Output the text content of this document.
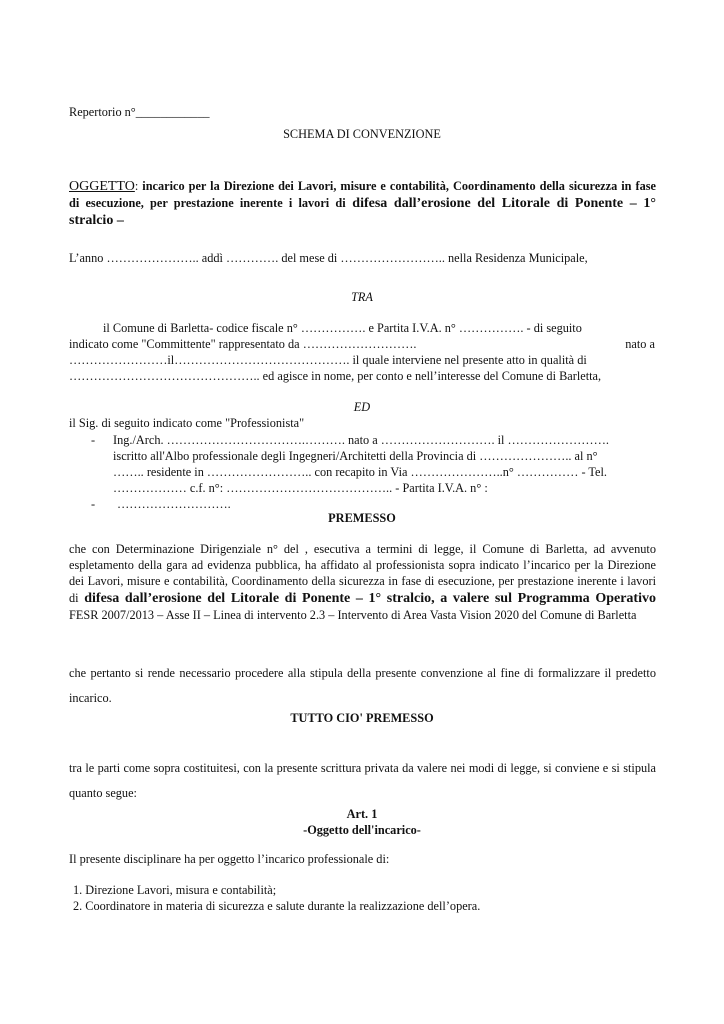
Repertorio n°____________
SCHEMA DI CONVENZIONE
OGGETTO: incarico per la Direzione dei Lavori, misure e contabilità, Coordinamento della sicurezza in fase di esecuzione, per prestazione inerente i lavori di difesa dall’erosione del Litorale di Ponente – 1° stralcio –
L’anno ………………….. addì …………. del mese di …………………….. nella Residenza Municipale,
TRA
il Comune di Barletta- codice fiscale n° ……………. e Partita I.V.A. n° ……………. - di seguito
indicato come "Committente" rappresentato da ……………………….	nato a
……………………il……………………………………. il quale interviene nel presente atto in qualità di
……………………………………….. ed agisce in nome, per conto e nell’interesse del Comune di Barletta,
ED
il Sig. di seguito indicato come "Professionista"
- Ing./Arch. …………………………….………. nato a ………………………. il …………………….
iscritto all'Albo professionale degli Ingegneri/Architetti della Provincia di ………………….. al n°
…….. residente in …………………….. con recapito in Via …………………..n° …………… - Tel.
……………… c.f. n°: ………………………………….. - Partita I.V.A. n° :
- ……………………….
PREMESSO
che con Determinazione Dirigenziale n° del , esecutiva a termini di legge, il Comune di Barletta, ad avvenuto espletamento della gara ad evidenza pubblica, ha affidato al professionista sopra indicato l’incarico per la Direzione dei Lavori, misure e contabilità, Coordinamento della sicurezza in fase di esecuzione, per prestazione inerente i lavori di difesa dall’erosione del Litorale di Ponente – 1° stralcio, a valere sul Programma Operativo FESR 2007/2013 – Asse II – Linea di intervento 2.3 – Intervento di Area Vasta Vision 2020 del Comune di Barletta
che pertanto si rende necessario procedere alla stipula della presente convenzione al fine di formalizzare il predetto incarico.
TUTTO CIO' PREMESSO
tra le parti come sopra costituitesi, con la presente scrittura privata da valere nei modi di legge, si conviene e si stipula quanto segue:
Art. 1
-Oggetto dell'incarico-
Il presente disciplinare ha per oggetto l’incarico professionale di:
1. Direzione Lavori, misura e contabilità;
2. Coordinatore in materia di sicurezza e salute durante la realizzazione dell’opera.
